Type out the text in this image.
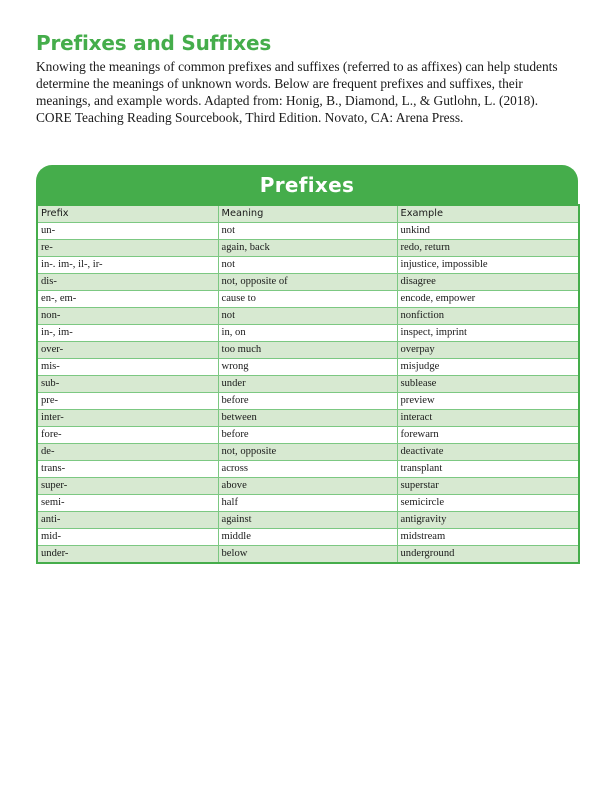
Prefixes and Suffixes

Knowing the meanings of common prefixes and suffixes (referred to as affixes) can help students determine the meanings of unknown words. Below are frequent prefixes and suffixes, their meanings, and example words. Adapted from: Honig, B., Diamond, L., & Gutlohn, L. (2018). CORE Teaching Reading Sourcebook, Third Edition. Novato, CA: Arena Press.

Prefixes
Prefix	Meaning	Example
un-	not	unkind
re-	again, back	redo, return
in-. im-, il-, ir-	not	injustice, impossible
dis-	not, opposite of	disagree
en-, em-	cause to	encode, empower
non-	not	nonfiction
in-, im-	in, on	inspect, imprint
over-	too much	overpay
mis-	wrong	misjudge
sub-	under	sublease
pre-	before	preview
inter-	between	interact
fore-	before	forewarn
de-	not, opposite	deactivate
trans-	across	transplant
super-	above	superstar
semi-	half	semicircle
anti-	against	antigravity
mid-	middle	midstream
under-	below	underground
